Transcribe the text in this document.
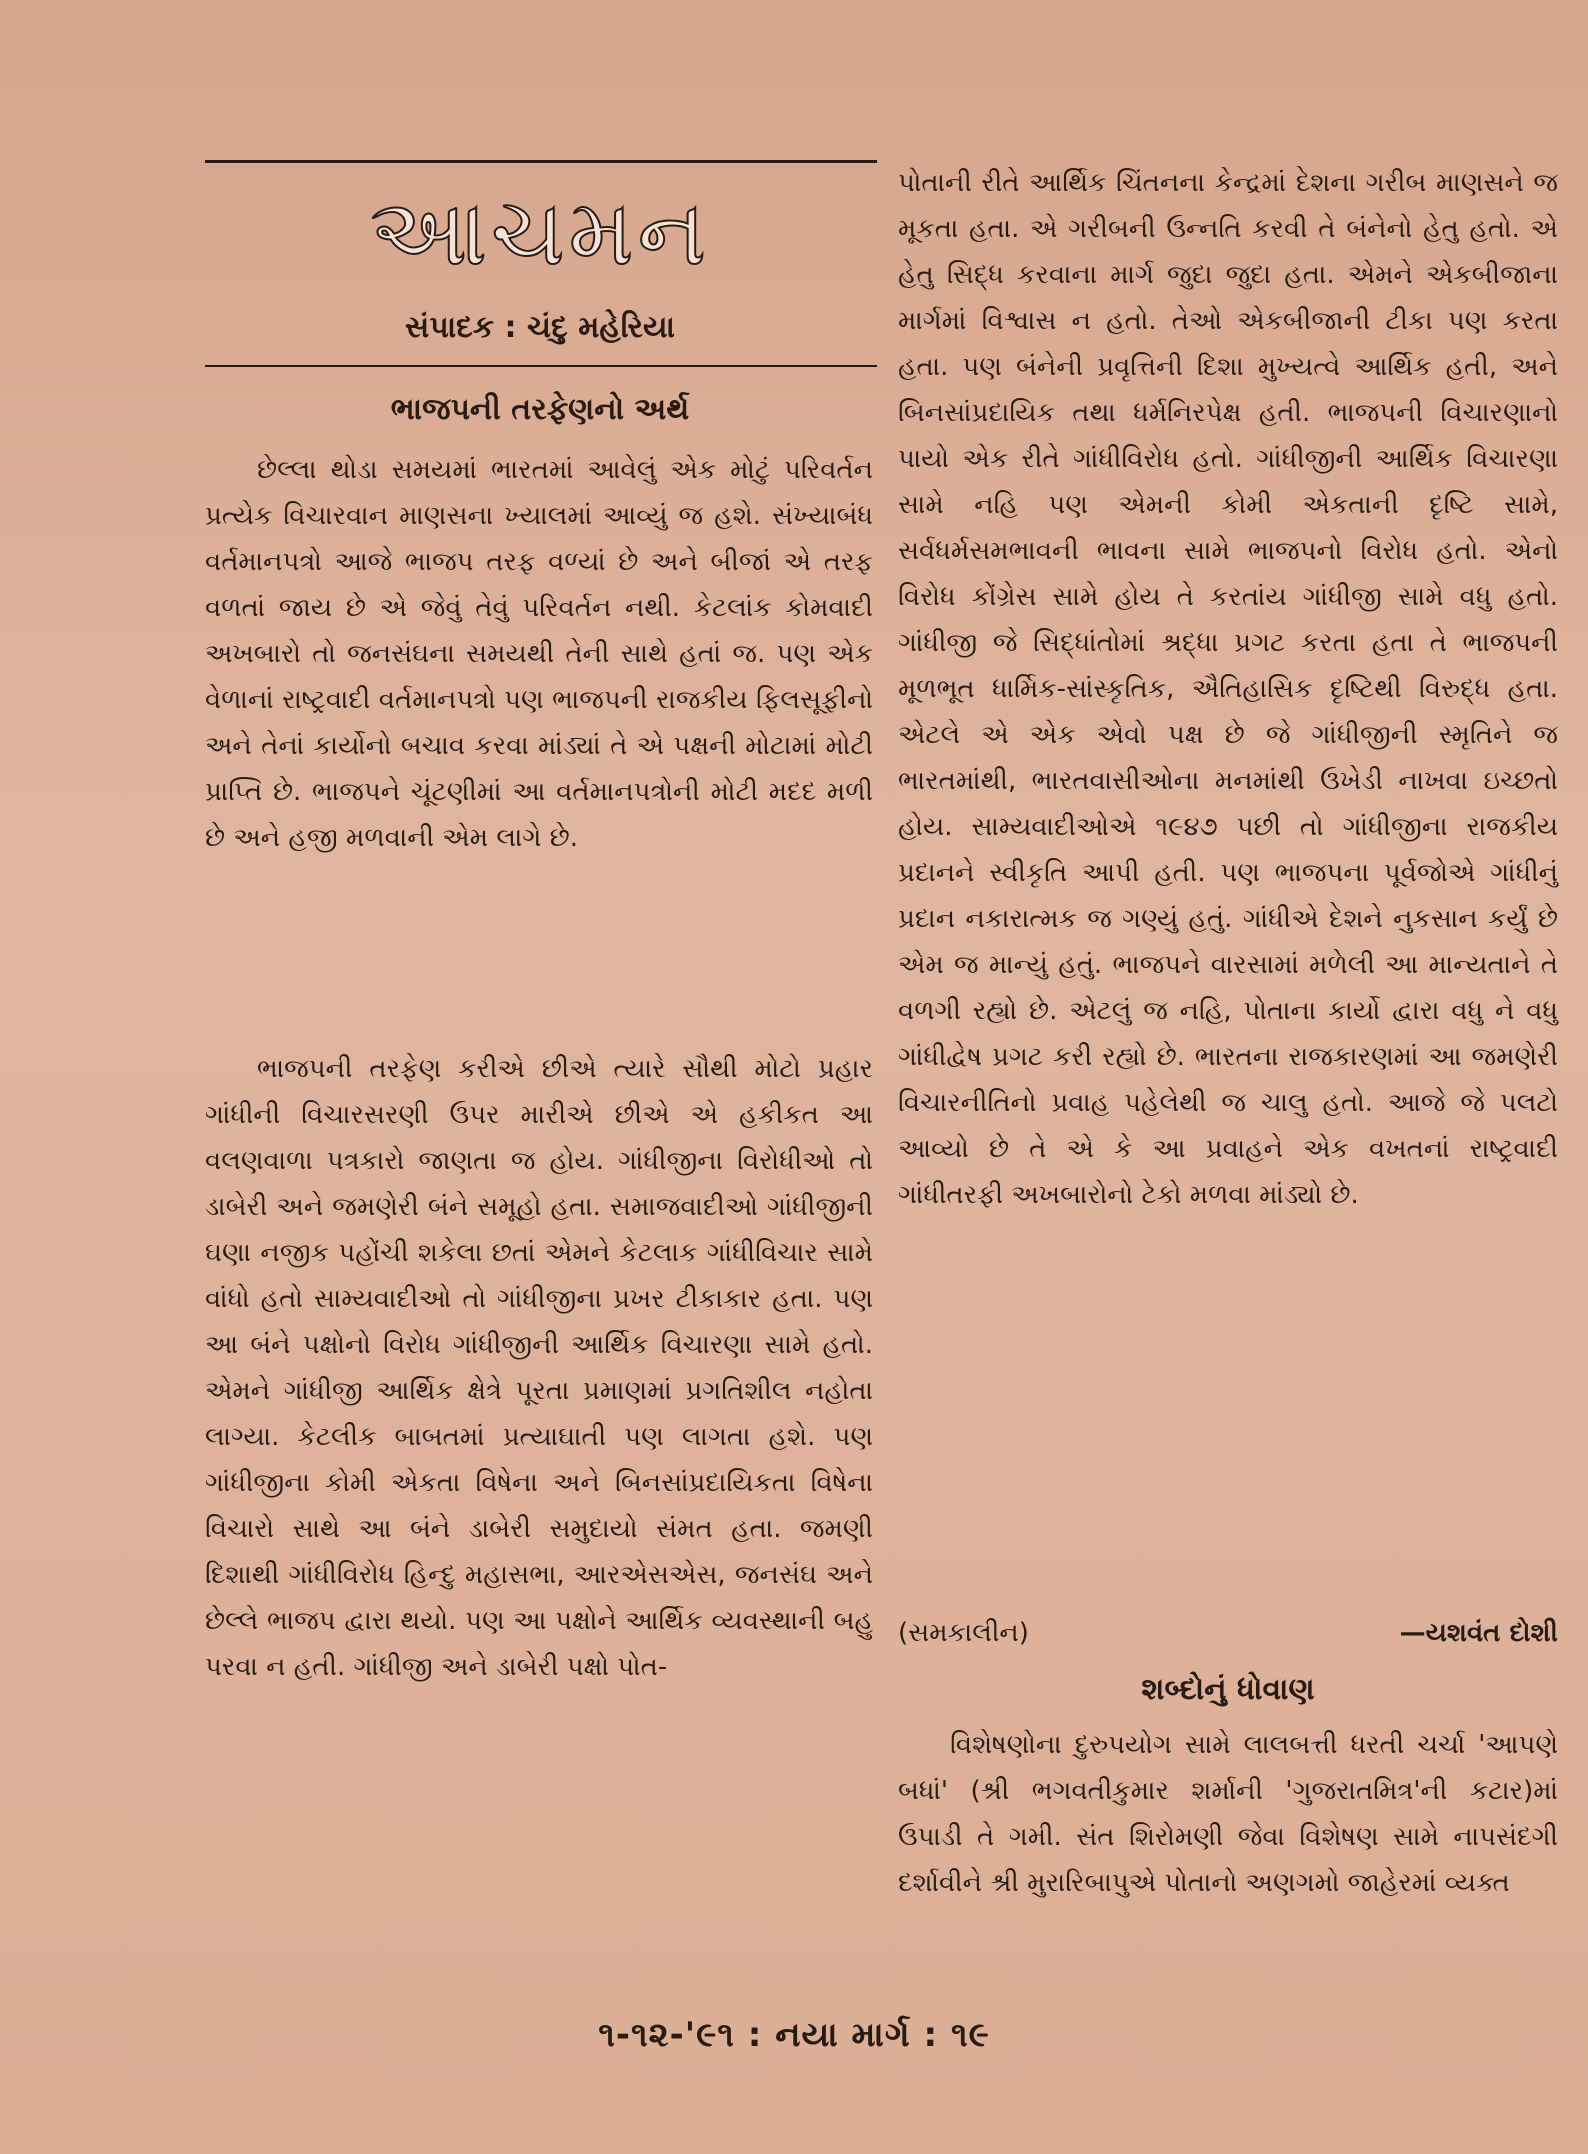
આચમન
સંપાદક : ચંદુ મહેરિયા
ભાજપની તરફેણનો અર્થ

છેલ્લા થોડા સમયમાં ભારતમાં આવેલું એક મોટું પરિવર્તન પ્રત્યેક વિચારવાન માણસના ખ્યાલમાં આવ્યું જ હશે. સંખ્યાબંધ વર્તમાનપત્રો આજે ભાજપ તરફ વળ્યાં છે અને બીજાં એ તરફ વળતાં જાય છે એ જેવું તેવું પરિવર્તન નથી. કેટલાંક કોમવાદી અખબારો તો જનસંઘના સમયથી તેની સાથે હતાં જ. પણ એક વેળાનાં રાષ્ટ્રવાદી વર્તમાનપત્રો પણ ભાજપની રાજકીય ફિલસૂફીનો અને તેનાં કાર્યોનો બચાવ કરવા માંડ્યાં તે એ પક્ષની મોટામાં મોટી પ્રાપ્તિ છે. ભાજપને ચૂંટણીમાં આ વર્તમાનપત્રોની મોટી મદદ મળી છે અને હજી મળવાની એમ લાગે છે.

ભાજપની તરફેણ કરીએ છીએ ત્યારે સૌથી મોટો પ્રહાર ગાંધીની વિચારસરણી ઉપર મારીએ છીએ એ હકીકત આ વલણવાળા પત્રકારો જાણતા જ હોય. ગાંધીજીના વિરોધીઓ તો ડાબેરી અને જમણેરી બંને સમૂહો હતા. સમાજવાદીઓ ગાંધીજીની ઘણા નજીક પહોંચી શકેલા છતાં એમને કેટલાક ગાંધીવિચાર સામે વાંધો હતો સામ્યવાદીઓ તો ગાંધીજીના પ્રખર ટીકાકાર હતા. પણ આ બંને પક્ષોનો વિરોધ ગાંધીજીની આર્થિક વિચારણા સામે હતો. એમને ગાંધીજી આર્થિક ક્ષેત્રે પૂરતા પ્રમાણમાં પ્રગતિશીલ નહોતા લાગ્યા. કેટલીક બાબતમાં પ્રત્યાઘાતી પણ લાગતા હશે. પણ ગાંધીજીના કોમી એકતા વિષેના અને બિનસાંપ્રદાયિકતા વિષેના વિચારો સાથે આ બંને ડાબેરી સમુદાયો સંમત હતા. જમણી દિશાથી ગાંધીવિરોધ હિન્દુ મહાસભા, આરએસએસ, જનસંઘ અને છેલ્લે ભાજપ દ્વારા થયો. પણ આ પક્ષોને આર્થિક વ્યવસ્થાની બહુ પરવા ન હતી. ગાંધીજી અને ડાબેરી પક્ષો પોત-

પોતાની રીતે આર્થિક ચિંતનના કેન્દ્રમાં દેશના ગરીબ માણસને જ મૂકતા હતા. એ ગરીબની ઉન્નતિ કરવી તે બંનેનો હેતુ હતો. એ હેતુ સિદ્ધ કરવાના માર્ગ જુદા જુદા હતા. એમને એકબીજાના માર્ગમાં વિશ્વાસ ન હતો. તેઓ એકબીજાની ટીકા પણ કરતા હતા. પણ બંનેની પ્રવૃત્તિની દિશા મુખ્યત્વે આર્થિક હતી, અને બિનસાંપ્રદાયિક તથા ધર્મનિરપેક્ષ હતી. ભાજપની વિચારણાનો પાયો એક રીતે ગાંધીવિરોધ હતો. ગાંધીજીની આર્થિક વિચારણા સામે નહિ પણ એમની કોમી એકતાની દૃષ્ટિ સામે, સર્વધર્મસમભાવની ભાવના સામે ભાજપનો વિરોધ હતો. એનો વિરોધ કોંગ્રેસ સામે હોય તે કરતાંય ગાંધીજી સામે વધુ હતો. ગાંધીજી જે સિદ્ધાંતોમાં શ્રદ્ધા પ્રગટ કરતા હતા તે ભાજપની મૂળભૂત ધાર્મિક-સાંસ્કૃતિક, ઐતિહાસિક દૃષ્ટિથી વિરુદ્ધ હતા. એટલે એ એક એવો પક્ષ છે જે ગાંધીજીની સ્મૃતિને જ ભારતમાંથી, ભારતવાસીઓના મનમાંથી ઉખેડી નાખવા ઇચ્છતો હોય. સામ્યવાદીઓએ ૧૯૪૭ પછી તો ગાંધીજીના રાજકીય પ્રદાનને સ્વીકૃતિ આપી હતી. પણ ભાજપના પૂર્વજોએ ગાંધીનું પ્રદાન નકારાત્મક જ ગણ્યું હતું. ગાંધીએ દેશને નુકસાન કર્યું છે એમ જ માન્યું હતું. ભાજપને વારસામાં મળેલી આ માન્યતાને તે વળગી રહ્યો છે. એટલું જ નહિ, પોતાના કાર્યો દ્વારા વધુ ને વધુ ગાંધીદ્વેષ પ્રગટ કરી રહ્યો છે. ભારતના રાજકારણમાં આ જમણેરી વિચારનીતિનો પ્રવાહ પહેલેથી જ ચાલુ હતો. આજે જે પલટો આવ્યો છે તે એ કે આ પ્રવાહને એક વખતનાં રાષ્ટ્રવાદી ગાંધીતરફી અખબારોનો ટેકો મળવા માંડ્યો છે.

(સમકાલીન)	—યશવંત દોશી
શબ્દોનું ધોવાણ

વિશેષણોના દુરુપયોગ સામે લાલબત્તી ધરતી ચર્ચા 'આપણે બધાં' (શ્રી ભગવતીકુમાર શર્માની 'ગુજરાતમિત્ર'ની કટાર)માં ઉપાડી તે ગમી. સંત શિરોમણી જેવા વિશેષણ સામે નાપસંદગી દર્શાવીને શ્રી મુરારિબાપુએ પોતાનો અણગમો જાહેરમાં વ્યક્ત

૧-૧૨-'૯૧ : નયા માર્ગ : ૧૯
